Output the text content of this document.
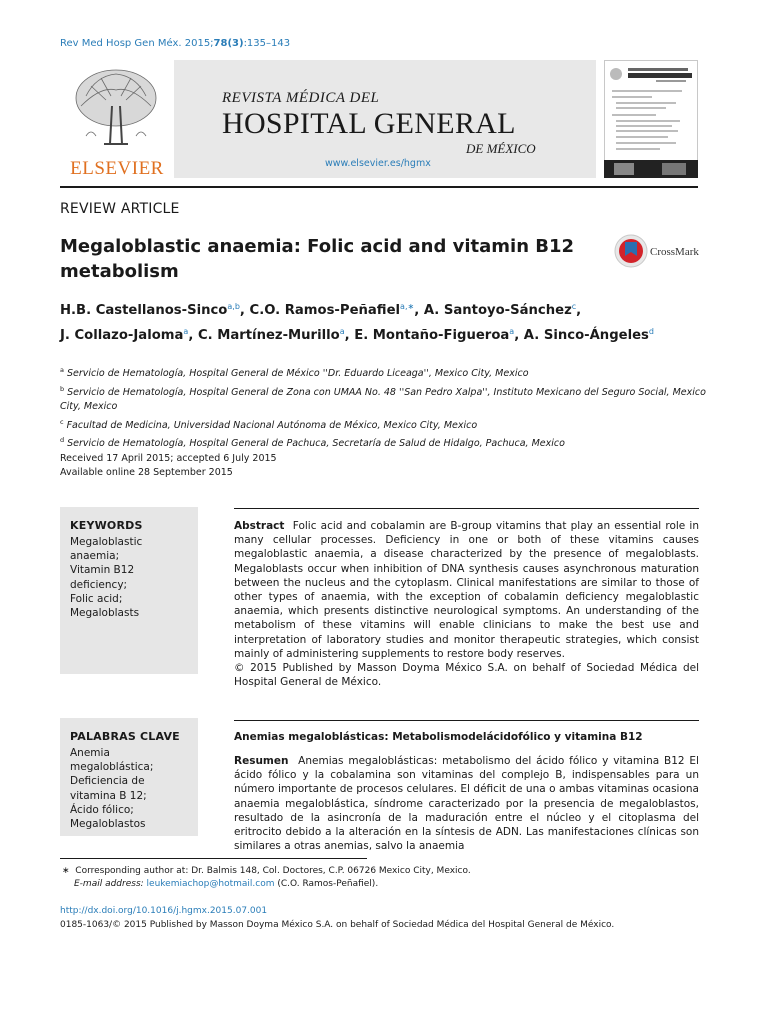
Rev Med Hosp Gen Méx. 2015;78(3):135–143
ELSEVIER
REVISTA MÉDICA DEL
HOSPITAL GENERAL
DE MÉXICO
www.elsevier.es/hgmx
REVIEW ARTICLE
Megaloblastic anaemia: Folic acid and vitamin B12 metabolism
CrossMark
H.B. Castellanos-Sinco$^{a,b}$, C.O. Ramos-Peñafiel$^{a,∗}$, A. Santoyo-Sánchez$^c$,
J. Collazo-Jaloma$^a$, C. Martínez-Murillo$^a$, E. Montaño-Figueroa$^a$, A. Sinco-Ángeles$^d$
$^a$ Servicio de Hematología, Hospital General de México ''Dr. Eduardo Liceaga'', Mexico City, Mexico
$^b$ Servicio de Hematología, Hospital General de Zona con UMAA No. 48 ''San Pedro Xalpa'', Instituto Mexicano del Seguro Social, Mexico City, Mexico
$^c$ Facultad de Medicina, Universidad Nacional Autónoma de México, Mexico City, Mexico
$^d$ Servicio de Hematología, Hospital General de Pachuca, Secretaría de Salud de Hidalgo, Pachuca, Mexico
Received 17 April 2015; accepted 6 July 2015
Available online 28 September 2015
KEYWORDS
Megaloblastic
anaemia;
Vitamin B12
deficiency;
Folic acid;
Megaloblasts
Abstract Folic acid and cobalamin are B-group vitamins that play an essential role in many cellular processes. Deficiency in one or both of these vitamins causes megaloblastic anaemia, a disease characterized by the presence of megaloblasts. Megaloblasts occur when inhibition of DNA synthesis causes asynchronous maturation between the nucleus and the cytoplasm. Clinical manifestations are similar to those of other types of anaemia, with the exception of cobalamin deficiency megaloblastic anaemia, which presents distinctive neurological symptoms. An understanding of the metabolism of these vitamins will enable clinicians to make the best use and interpretation of laboratory studies and monitor therapeutic strategies, which consist mainly of administering supplements to restore body reserves.
© 2015 Published by Masson Doyma México S.A. on behalf of Sociedad Médica del Hospital General de México.
PALABRAS CLAVE
Anemia
megaloblástica;
Deficiencia de
vitamina B 12;
Ácido fólico;
Megaloblastos
Anemias megaloblásticas: Metabolismodelácidofólico y vitamina B12
Resumen Anemias megaloblásticas: metabolismo del ácido fólico y vitamina B12 El ácido fólico y la cobalamina son vitaminas del complejo B, indispensables para un número importante de procesos celulares. El déficit de una o ambas vitaminas ocasiona anaemia megaloblástica, síndrome caracterizado por la presencia de megaloblastos, resultado de la asincronía de la maduración entre el núcleo y el citoplasma del eritrocito debido a la alteración en la síntesis de ADN. Las manifestaciones clínicas son similares a otras anemias, salvo la anaemia
∗ Corresponding author at: Dr. Balmis 148, Col. Doctores, C.P. 06726 Mexico City, Mexico.
E-mail address: leukemiachop@hotmail.com (C.O. Ramos-Peñafiel).
http://dx.doi.org/10.1016/j.hgmx.2015.07.001
0185-1063/© 2015 Published by Masson Doyma México S.A. on behalf of Sociedad Médica del Hospital General de México.
